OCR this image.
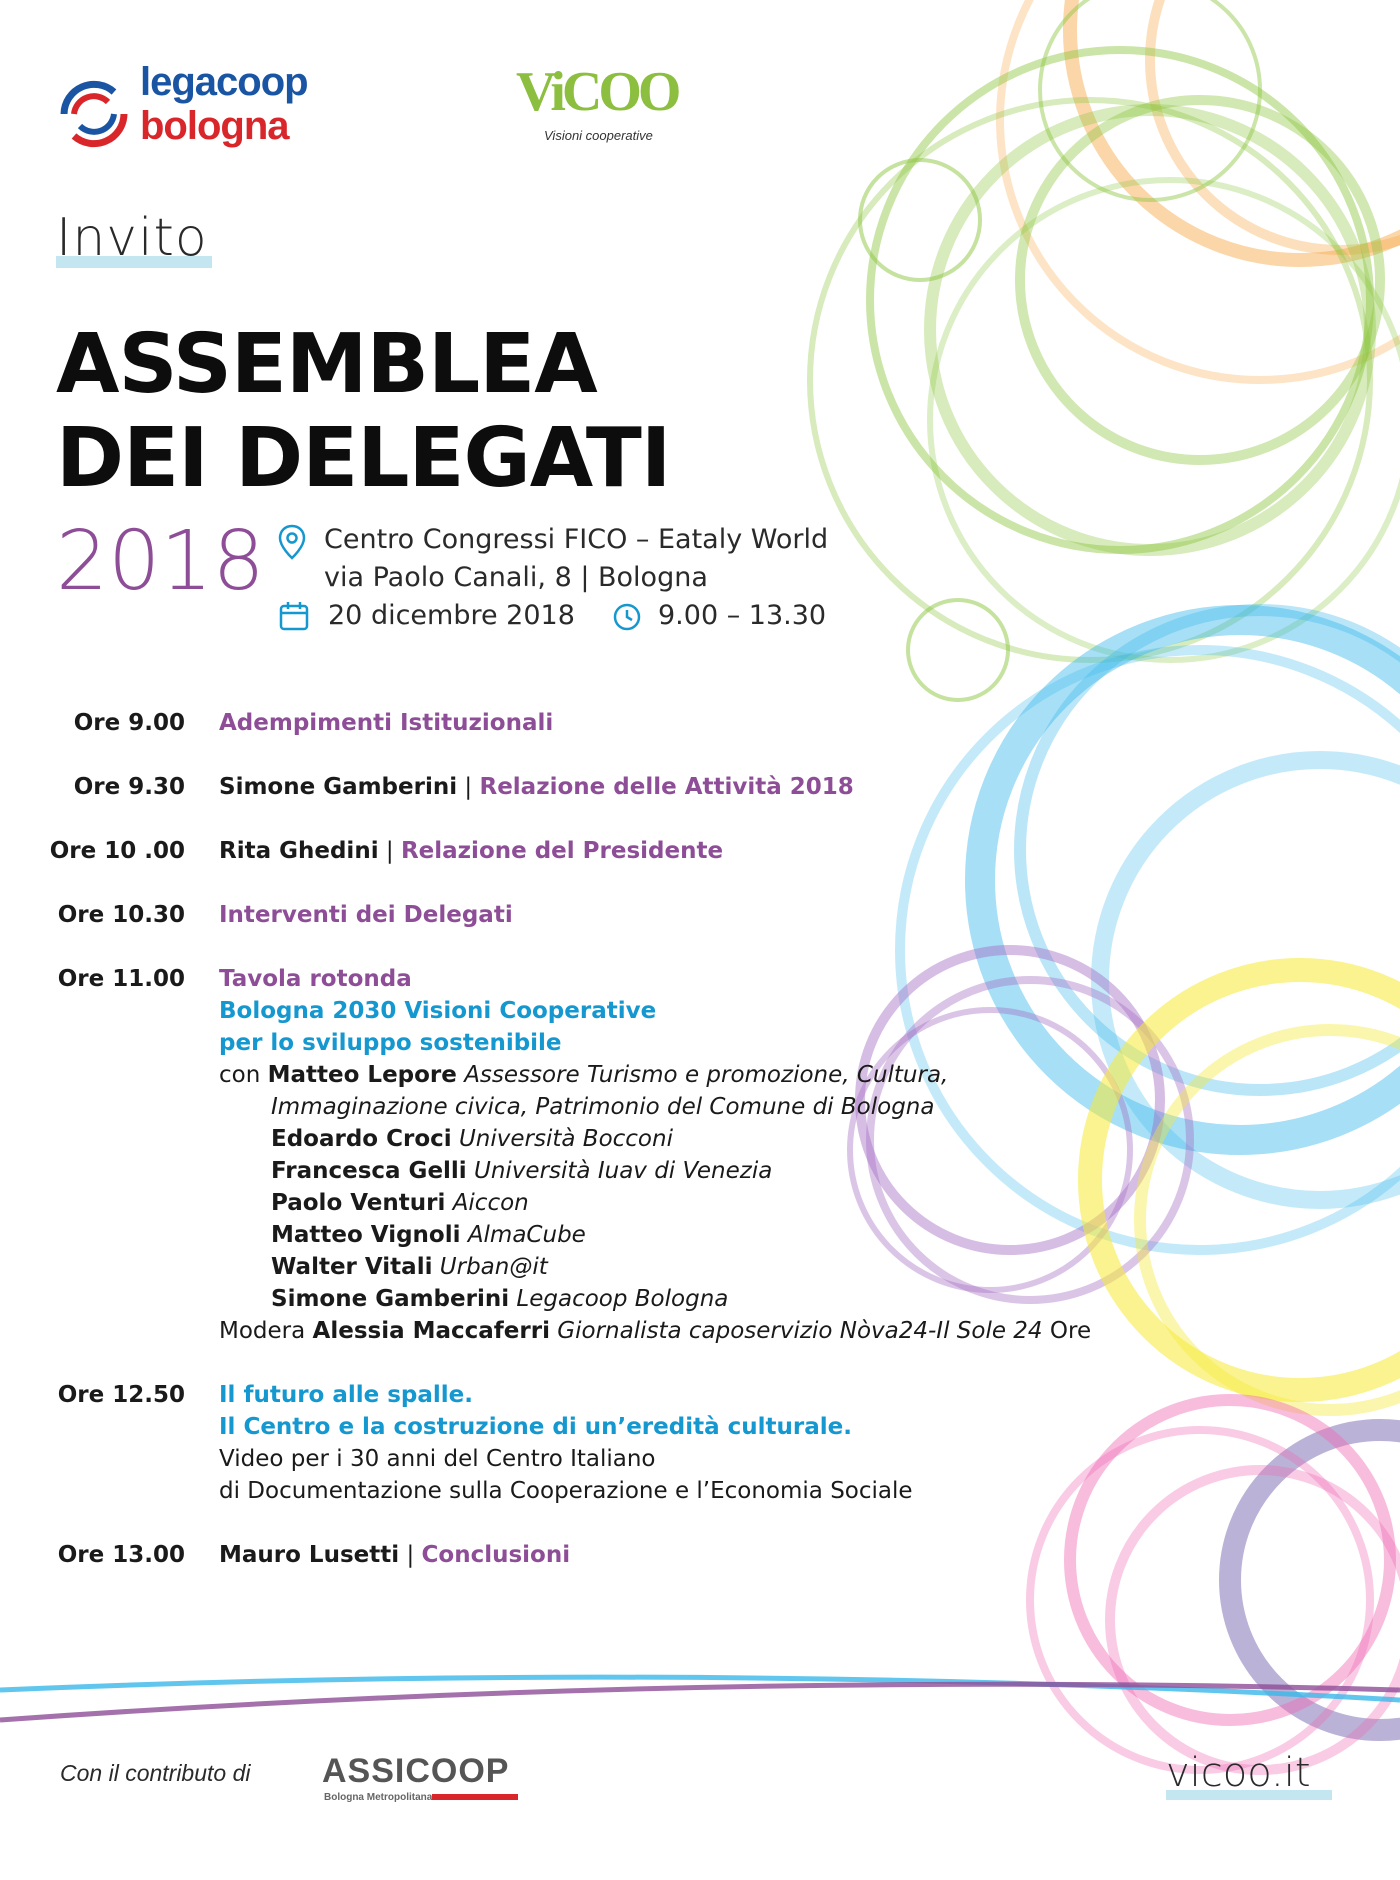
legacoop
bologna
ViCOO
Visioni cooperative
Invito
ASSEMBLEA
DEI DELEGATI
2018 Centro Congressi FICO – Eataly World
via Paolo Canali, 8 | Bologna
20 dicembre 2018	9.00 – 13.30
Ore 9.00 Adempimenti Istituzionali
Ore 9.30 Simone Gamberini | Relazione delle Attività 2018
Ore 10 .00 Rita Ghedini | Relazione del Presidente
Ore 10.30 Interventi dei Delegati
Ore 11.00 Tavola rotonda
Bologna 2030 Visioni Cooperative
per lo sviluppo sostenibile
con Matteo Lepore Assessore Turismo e promozione, Cultura,
Immaginazione civica, Patrimonio del Comune di Bologna
Edoardo Croci Università Bocconi
Francesca Gelli Università Iuav di Venezia
Paolo Venturi Aiccon
Matteo Vignoli AlmaCube
Walter Vitali Urban@it
Simone Gamberini Legacoop Bologna
Modera Alessia Maccaferri Giornalista caposervizio Nòva24-Il Sole 24 Ore
Ore 12.50 Il futuro alle spalle.
Il Centro e la costruzione di un’eredità culturale.
Video per i 30 anni del Centro Italiano
di Documentazione sulla Cooperazione e l’Economia Sociale
Ore 13.00 Mauro Lusetti | Conclusioni
Con il contributo di ASSICOOP
Bologna Metropolitana
vicoo.it
